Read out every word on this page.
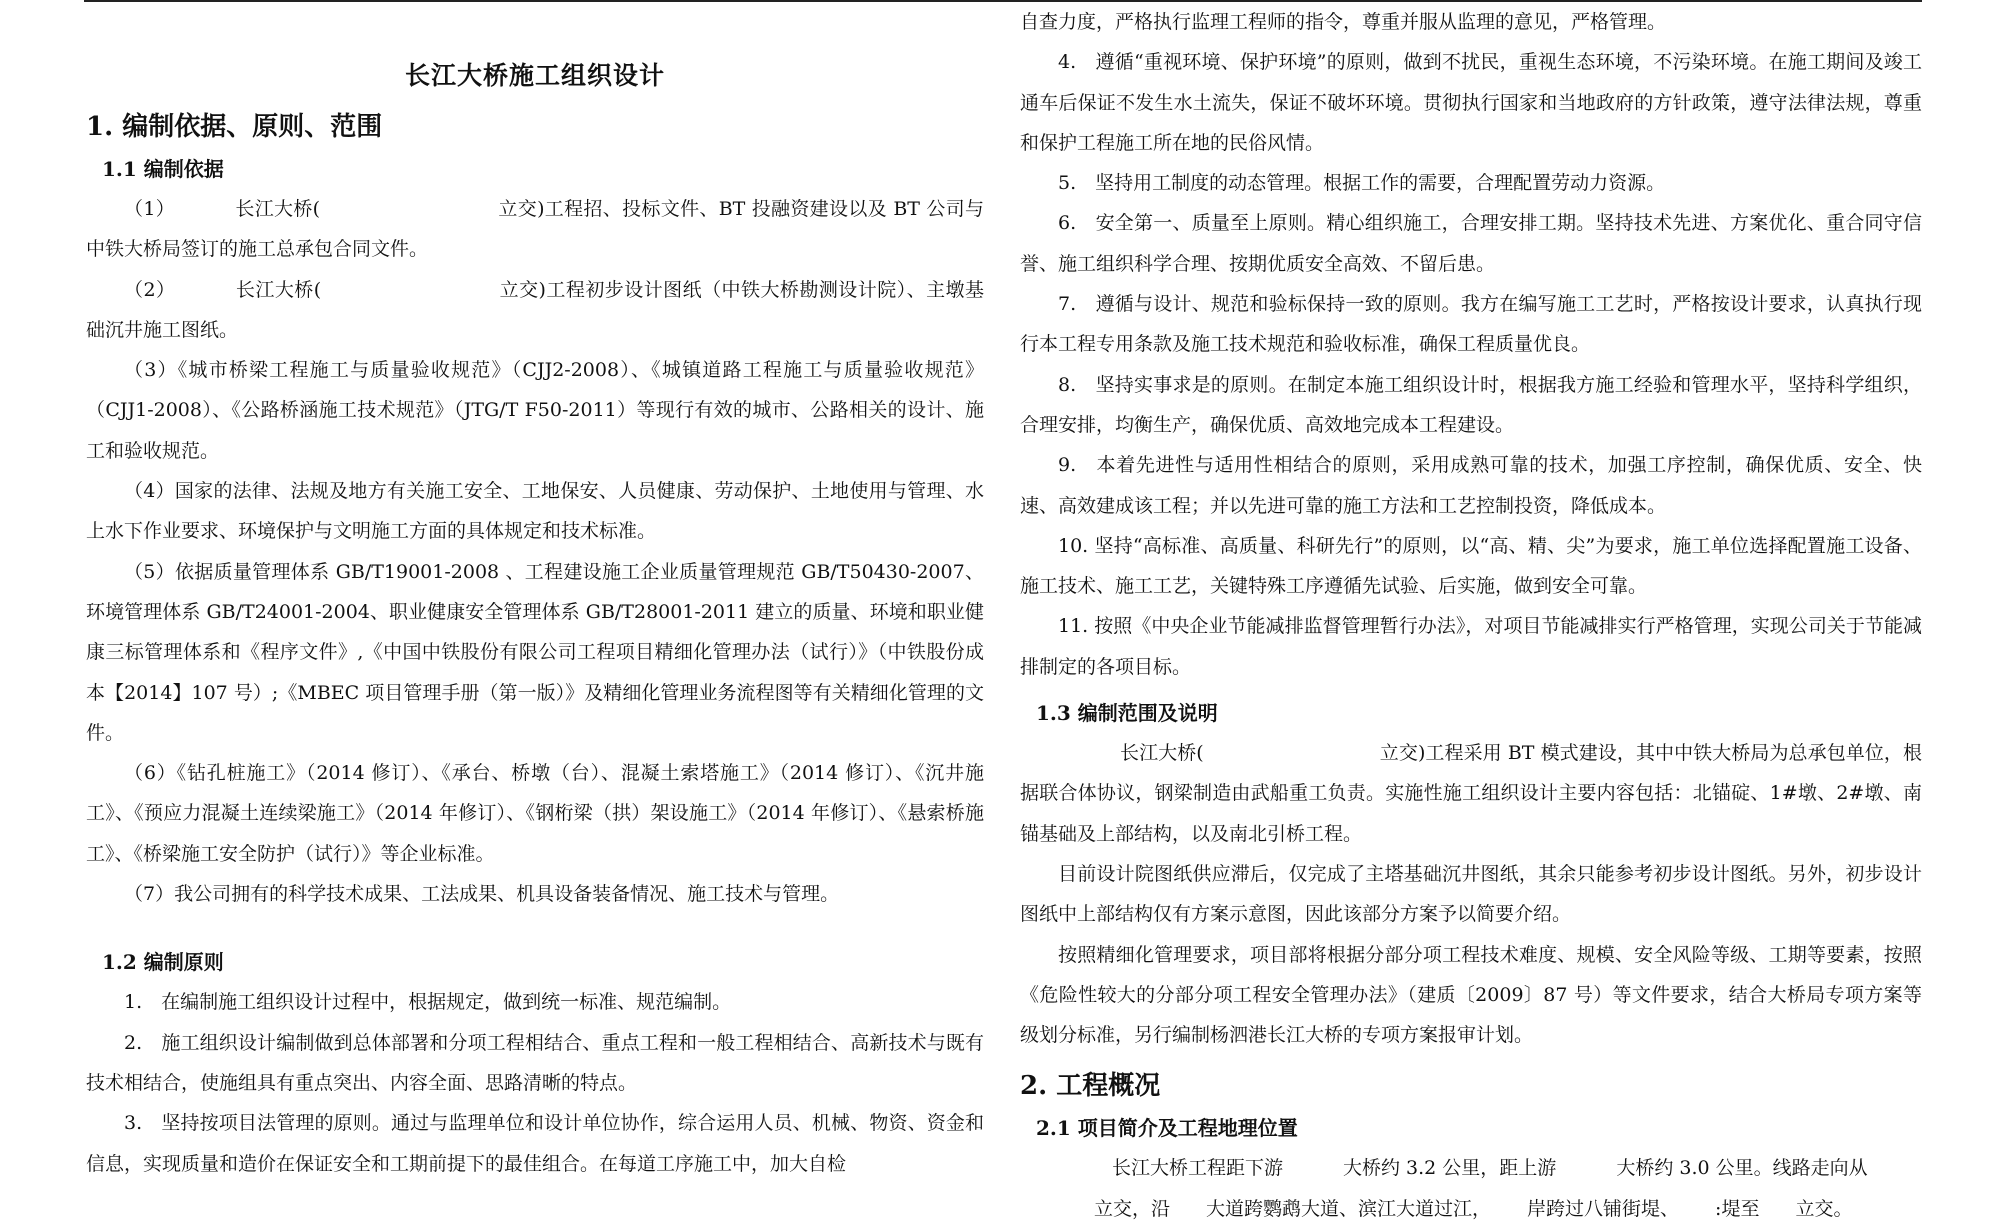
长江大桥施工组织设计
1. 编制依据、原则、范围
1.1 编制依据

（1）	长江大桥(	立交)工程招、投标文件、BT 投融资建设以及 BT 公司与中铁大桥局签订的施工总承包合同文件。

（2）	长江大桥(	立交)工程初步设计图纸（中铁大桥勘测设计院）、主墩基础沉井施工图纸。

（3）《城市桥梁工程施工与质量验收规范》（CJJ2-2008）、《城镇道路工程施工与质量验收规范》（CJJ1-2008）、《公路桥涵施工技术规范》（JTG/T F50-2011）等现行有效的城市、公路相关的设计、施工和验收规范。

（4）国家的法律、法规及地方有关施工安全、工地保安、人员健康、劳动保护、土地使用与管理、水上水下作业要求、环境保护与文明施工方面的具体规定和技术标准。

（5）依据质量管理体系 GB/T19001-2008 、工程建设施工企业质量管理规范 GB/T50430-2007、环境管理体系 GB/T24001-2004、职业健康安全管理体系 GB/T28001-2011 建立的质量、环境和职业健康三标管理体系和《程序文件》,《中国中铁股份有限公司工程项目精细化管理办法（试行）》（中铁股份成本【2014】107 号）;《MBEC 项目管理手册（第一版）》及精细化管理业务流程图等有关精细化管理的文件。

（6）《钻孔桩施工》（2014 修订）、《承台、桥墩（台）、混凝土索塔施工》（2014 修订）、《沉井施工》、《预应力混凝土连续梁施工》（2014 年修订）、《钢桁梁（拱）架设施工》（2014 年修订）、《悬索桥施工》、《桥梁施工安全防护（试行）》等企业标准。

（7）我公司拥有的科学技术成果、工法成果、机具设备装备情况、施工技术与管理。

1.2 编制原则

1.　在编制施工组织设计过程中，根据规定，做到统一标准、规范编制。

2.　施工组织设计编制做到总体部署和分项工程相结合、重点工程和一般工程相结合、高新技术与既有技术相结合，使施组具有重点突出、内容全面、思路清晰的特点。

3.　坚持按项目法管理的原则。通过与监理单位和设计单位协作，综合运用人员、机械、物资、资金和信息，实现质量和造价在保证安全和工期前提下的最佳组合。在每道工序施工中，加大自检

自查力度，严格执行监理工程师的指令，尊重并服从监理的意见，严格管理。

4.　遵循“重视环境、保护环境”的原则，做到不扰民，重视生态环境，不污染环境。在施工期间及竣工通车后保证不发生水土流失，保证不破坏环境。贯彻执行国家和当地政府的方针政策，遵守法律法规，尊重和保护工程施工所在地的民俗风情。

5.　坚持用工制度的动态管理。根据工作的需要，合理配置劳动力资源。

6.　安全第一、质量至上原则。精心组织施工，合理安排工期。坚持技术先进、方案优化、重合同守信誉、施工组织科学合理、按期优质安全高效、不留后患。

7.　遵循与设计、规范和验标保持一致的原则。我方在编写施工工艺时，严格按设计要求，认真执行现行本工程专用条款及施工技术规范和验收标准，确保工程质量优良。

8.　坚持实事求是的原则。在制定本施工组织设计时，根据我方施工经验和管理水平，坚持科学组织，合理安排，均衡生产，确保优质、高效地完成本工程建设。

9.　本着先进性与适用性相结合的原则，采用成熟可靠的技术，加强工序控制，确保优质、安全、快速、高效建成该工程；并以先进可靠的施工方法和工艺控制投资，降低成本。

10. 坚持“高标准、高质量、科研先行”的原则，以“高、精、尖”为要求，施工单位选择配置施工设备、施工技术、施工工艺，关键特殊工序遵循先试验、后实施，做到安全可靠。

11. 按照《中央企业节能减排监督管理暂行办法》，对项目节能减排实行严格管理，实现公司关于节能减排制定的各项目标。

1.3 编制范围及说明

长江大桥(	立交)工程采用 BT 模式建设，其中中铁大桥局为总承包单位，根据联合体协议，钢梁制造由武船重工负责。实施性施工组织设计主要内容包括：北锚碇、1#墩、2#墩、南锚基础及上部结构，以及南北引桥工程。

目前设计院图纸供应滞后，仅完成了主塔基础沉井图纸，其余只能参考初步设计图纸。另外，初步设计图纸中上部结构仅有方案示意图，因此该部分方案予以简要介绍。

按照精细化管理要求，项目部将根据分部分项工程技术难度、规模、安全风险等级、工期等要素，按照《危险性较大的分部分项工程安全管理办法》（建质〔2009〕87 号）等文件要求，结合大桥局专项方案等级划分标准，另行编制杨泗港长江大桥的专项方案报审计划。

2. 工程概况
2.1 项目简介及工程地理位置

长江大桥工程距下游	大桥约 3.2 公里，距上游	大桥约 3.0 公里。线路走向从

立交，沿 大道跨鹦鹉大道、滨江大道过江， 岸跨过八铺街堤、 :堤至 立交。
